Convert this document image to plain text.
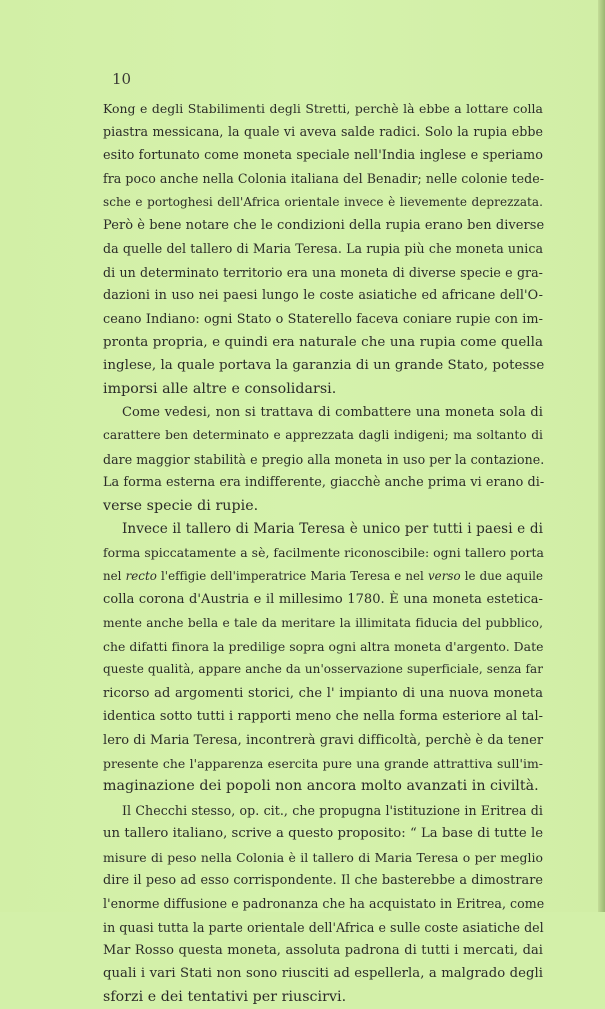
10
Kong e degli Stabilimenti degli Stretti, perchè là ebbe a lottare colla
piastra messicana, la quale vi aveva salde radici. Solo la rupia ebbe
esito fortunato come moneta speciale nell'India inglese e speriamo
fra poco anche nella Colonia italiana del Benadir; nelle colonie tede-
sche e portoghesi dell'Africa orientale invece è lievemente deprezzata.
Però è bene notare che le condizioni della rupia erano ben diverse
da quelle del tallero di Maria Teresa. La rupia più che moneta unica
di un determinato territorio era una moneta di diverse specie e gra-
dazioni in uso nei paesi lungo le coste asiatiche ed africane dell'O-
ceano Indiano: ogni Stato o Staterello faceva coniare rupie con im-
pronta propria, e quindi era naturale che una rupia come quella
inglese, la quale portava la garanzia di un grande Stato, potesse
imporsi alle altre e consolidarsi.
Come vedesi, non si trattava di combattere una moneta sola di
carattere ben determinato e apprezzata dagli indigeni; ma soltanto di
dare maggior stabilità e pregio alla moneta in uso per la contazione.
La forma esterna era indifferente, giacchè anche prima vi erano di-
verse specie di rupie.
Invece il tallero di Maria Teresa è unico per tutti i paesi e di
forma spiccatamente a sè, facilmente riconoscibile: ogni tallero porta
nel recto l'effigie dell'imperatrice Maria Teresa e nel verso le due aquile
colla corona d'Austria e il millesimo 1780. È una moneta estetica-
mente anche bella e tale da meritare la illimitata fiducia del pubblico,
che difatti finora la predilige sopra ogni altra moneta d'argento. Date
queste qualità, appare anche da un'osservazione superficiale, senza far
ricorso ad argomenti storici, che l' impianto di una nuova moneta
identica sotto tutti i rapporti meno che nella forma esteriore al tal-
lero di Maria Teresa, incontrerà gravi difficoltà, perchè è da tener
presente che l'apparenza esercita pure una grande attrattiva sull'im-
maginazione dei popoli non ancora molto avanzati in civiltà.
Il Checchi stesso, op. cit., che propugna l'istituzione in Eritrea di
un tallero italiano, scrive a questo proposito: “ La base di tutte le
misure di peso nella Colonia è il tallero di Maria Teresa o per meglio
dire il peso ad esso corrispondente. Il che basterebbe a dimostrare
l'enorme diffusione e padronanza che ha acquistato in Eritrea, come
in quasi tutta la parte orientale dell'Africa e sulle coste asiatiche del
Mar Rosso questa moneta, assoluta padrona di tutti i mercati, dai
quali i vari Stati non sono riusciti ad espellerla, a malgrado degli
sforzi e dei tentativi per riuscirvi.
